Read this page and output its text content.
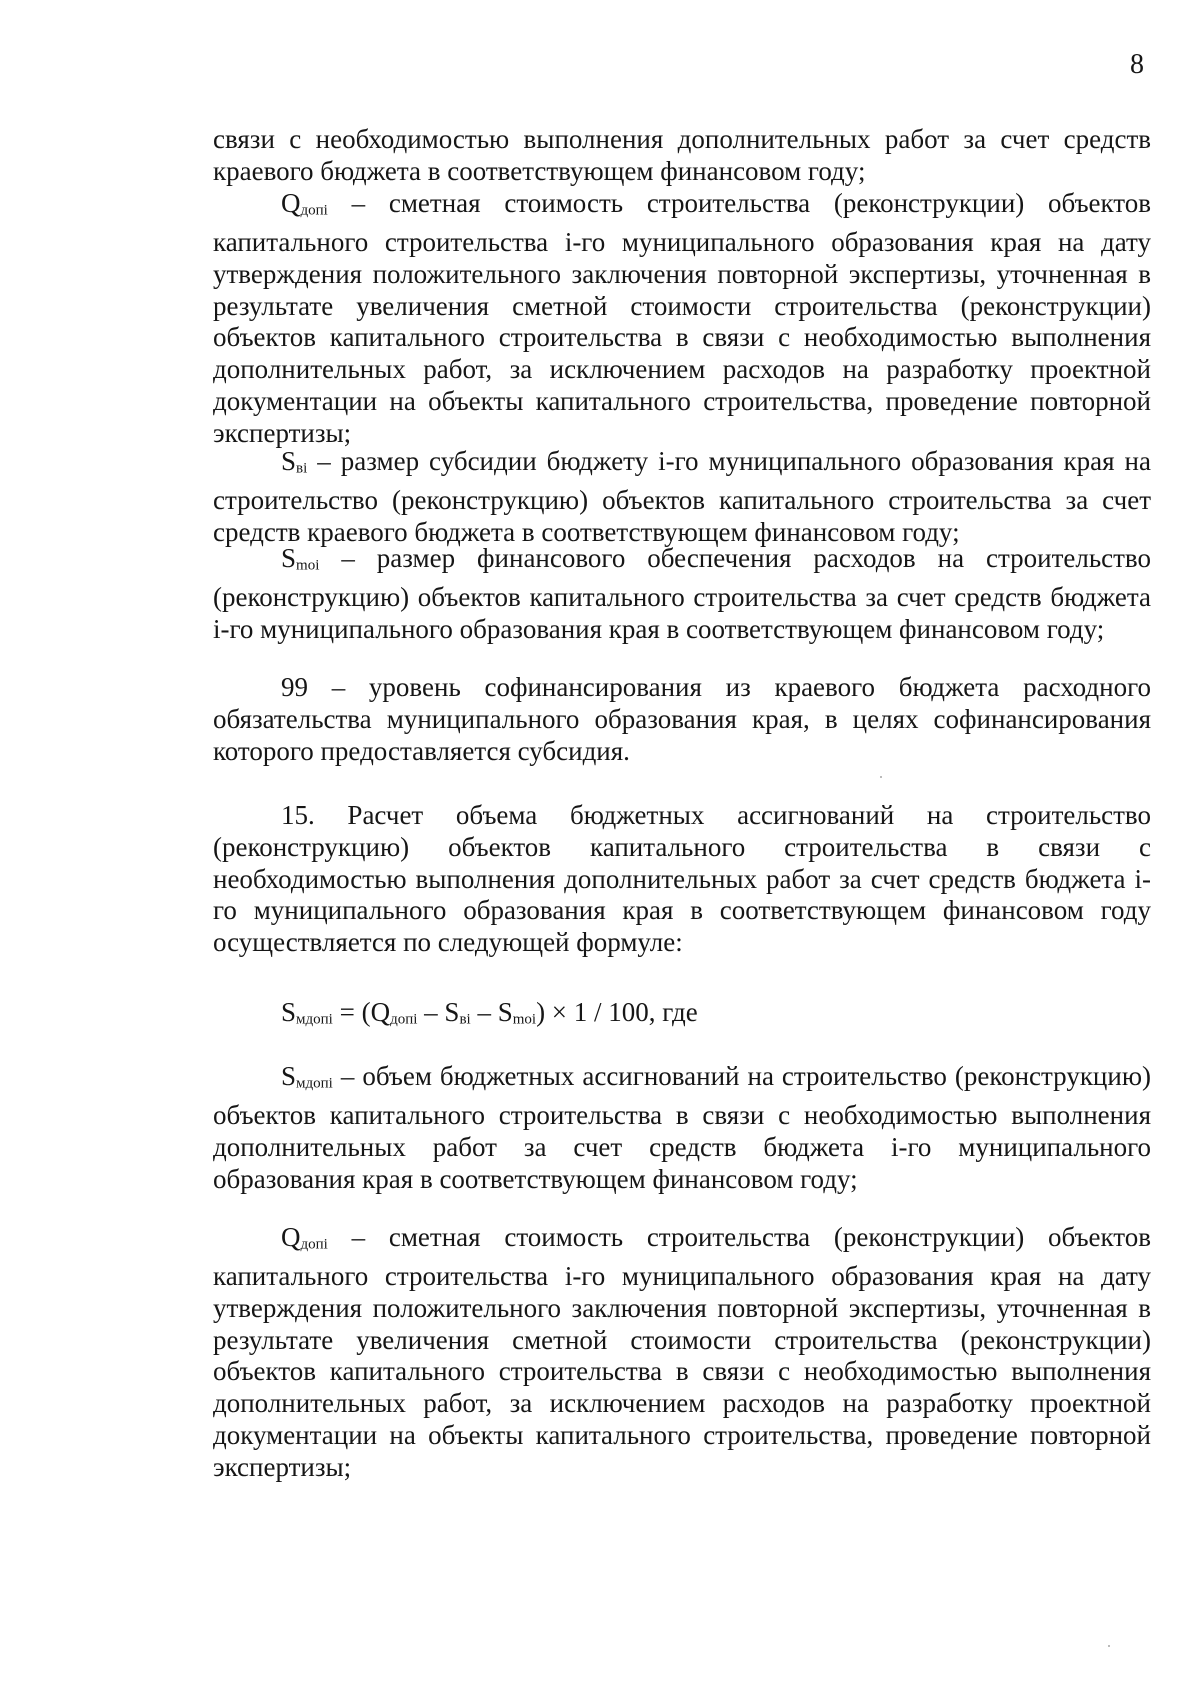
8

связи с необходимостью выполнения дополнительных работ за счет средств краевого бюджета в соответствующем финансовом году;

Qдопi – сметная стоимость строительства (реконструкции) объектов капитального строительства i-го муниципального образования края на дату утверждения положительного заключения повторной экспертизы, уточненная в результате увеличения сметной стоимости строительства (реконструкции) объектов капитального строительства в связи с необходимостью выполнения дополнительных работ, за исключением расходов на разработку проектной документации на объекты капитального строительства, проведение повторной экспертизы;

Sвi – размер субсидии бюджету i-го муниципального образования края на строительство (реконструкцию) объектов капитального строительства за счет средств краевого бюджета в соответствующем финансовом году;

Smoi – размер финансового обеспечения расходов на строительство (реконструкцию) объектов капитального строительства за счет средств бюджета i-го муниципального образования края в соответствующем финансовом году;

99 – уровень софинансирования из краевого бюджета расходного обязательства муниципального образования края, в целях софинансирования которого предоставляется субсидия.

15. Расчет объема бюджетных ассигнований на строительство (реконструкцию) объектов капитального строительства в связи с необходимостью выполнения дополнительных работ за счет средств бюджета i-го муниципального образования края в соответствующем финансовом году осуществляется по следующей формуле:

Sмдопi = (Qдопi – Sвi – Smoi) × 1 / 100, где

Sмдопi – объем бюджетных ассигнований на строительство (реконструкцию) объектов капитального строительства в связи с необходимостью выполнения дополнительных работ за счет средств бюджета i-го муниципального образования края в соответствующем финансовом году;

Qдопi – сметная стоимость строительства (реконструкции) объектов капитального строительства i-го муниципального образования края на дату утверждения положительного заключения повторной экспертизы, уточненная в результате увеличения сметной стоимости строительства (реконструкции) объектов капитального строительства в связи с необходимостью выполнения дополнительных работ, за исключением расходов на разработку проектной документации на объекты капитального строительства, проведение повторной экспертизы;
